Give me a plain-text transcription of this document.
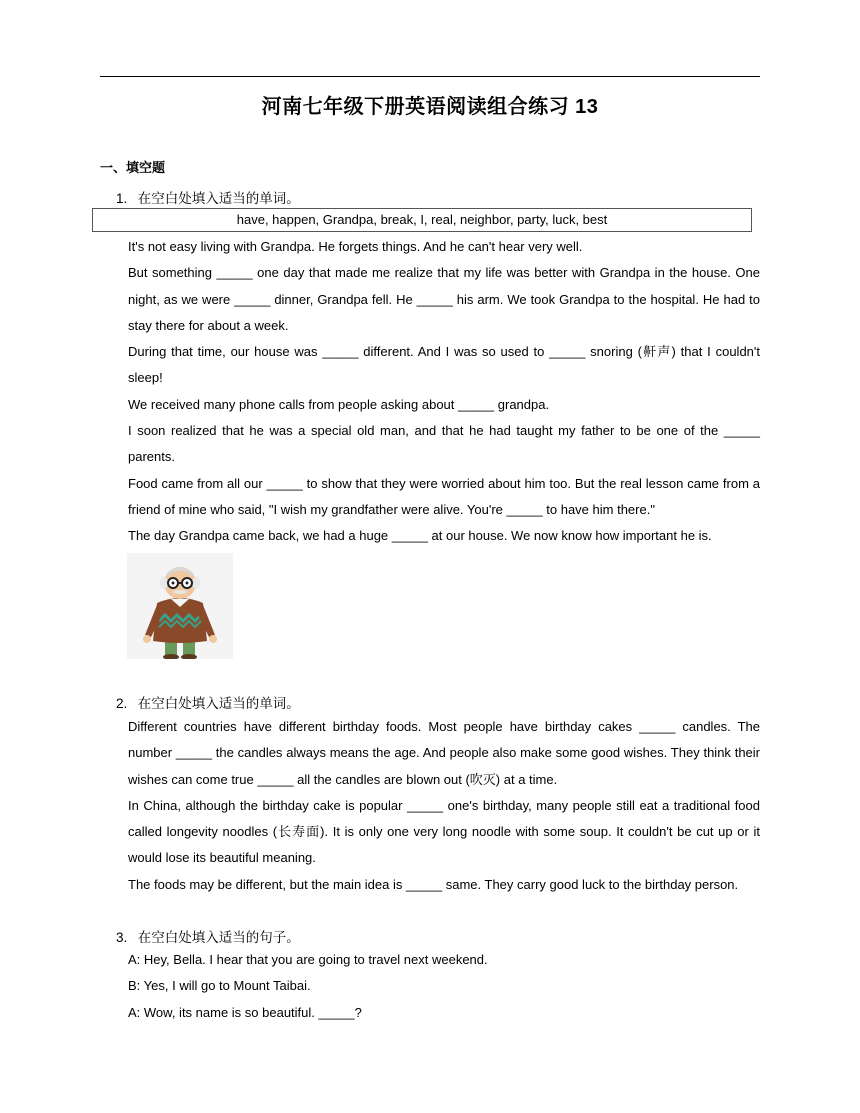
河南七年级下册英语阅读组合练习 13
一、填空题
1. 在空白处填入适当的单词。
have, happen, Grandpa, break, I, real, neighbor, party, luck, best

It's not easy living with Grandpa. He forgets things. And he can't hear very well.

But something _____ one day that made me realize that my life was better with Grandpa in the house. One night, as we were _____ dinner, Grandpa fell. He _____ his arm. We took Grandpa to the hospital. He had to stay there for about a week.

During that time, our house was _____ different. And I was so used to _____ snoring (鼾声) that I couldn't sleep!

We received many phone calls from people asking about _____ grandpa.

I soon realized that he was a special old man, and that he had taught my father to be one of the _____ parents.

Food came from all our _____ to show that they were worried about him too. But the real lesson came from a friend of mine who said, "I wish my grandfather were alive. You're _____ to have him there."

The day Grandpa came back, we had a huge _____ at our house. We now know how important he is.

2. 在空白处填入适当的单词。

Different countries have different birthday foods. Most people have birthday cakes _____ candles. The number _____ the candles always means the age. And people also make some good wishes. They think their wishes can come true _____ all the candles are blown out (吹灭) at a time.

In China, although the birthday cake is popular _____ one's birthday, many people still eat a traditional food called longevity noodles (长寿面). It is only one very long noodle with some soup. It couldn't be cut up or it would lose its beautiful meaning.

The foods may be different, but the main idea is _____ same. They carry good luck to the birthday person.

3. 在空白处填入适当的句子。

A: Hey, Bella. I hear that you are going to travel next weekend.

B: Yes, I will go to Mount Taibai.

A: Wow, its name is so beautiful. _____?
